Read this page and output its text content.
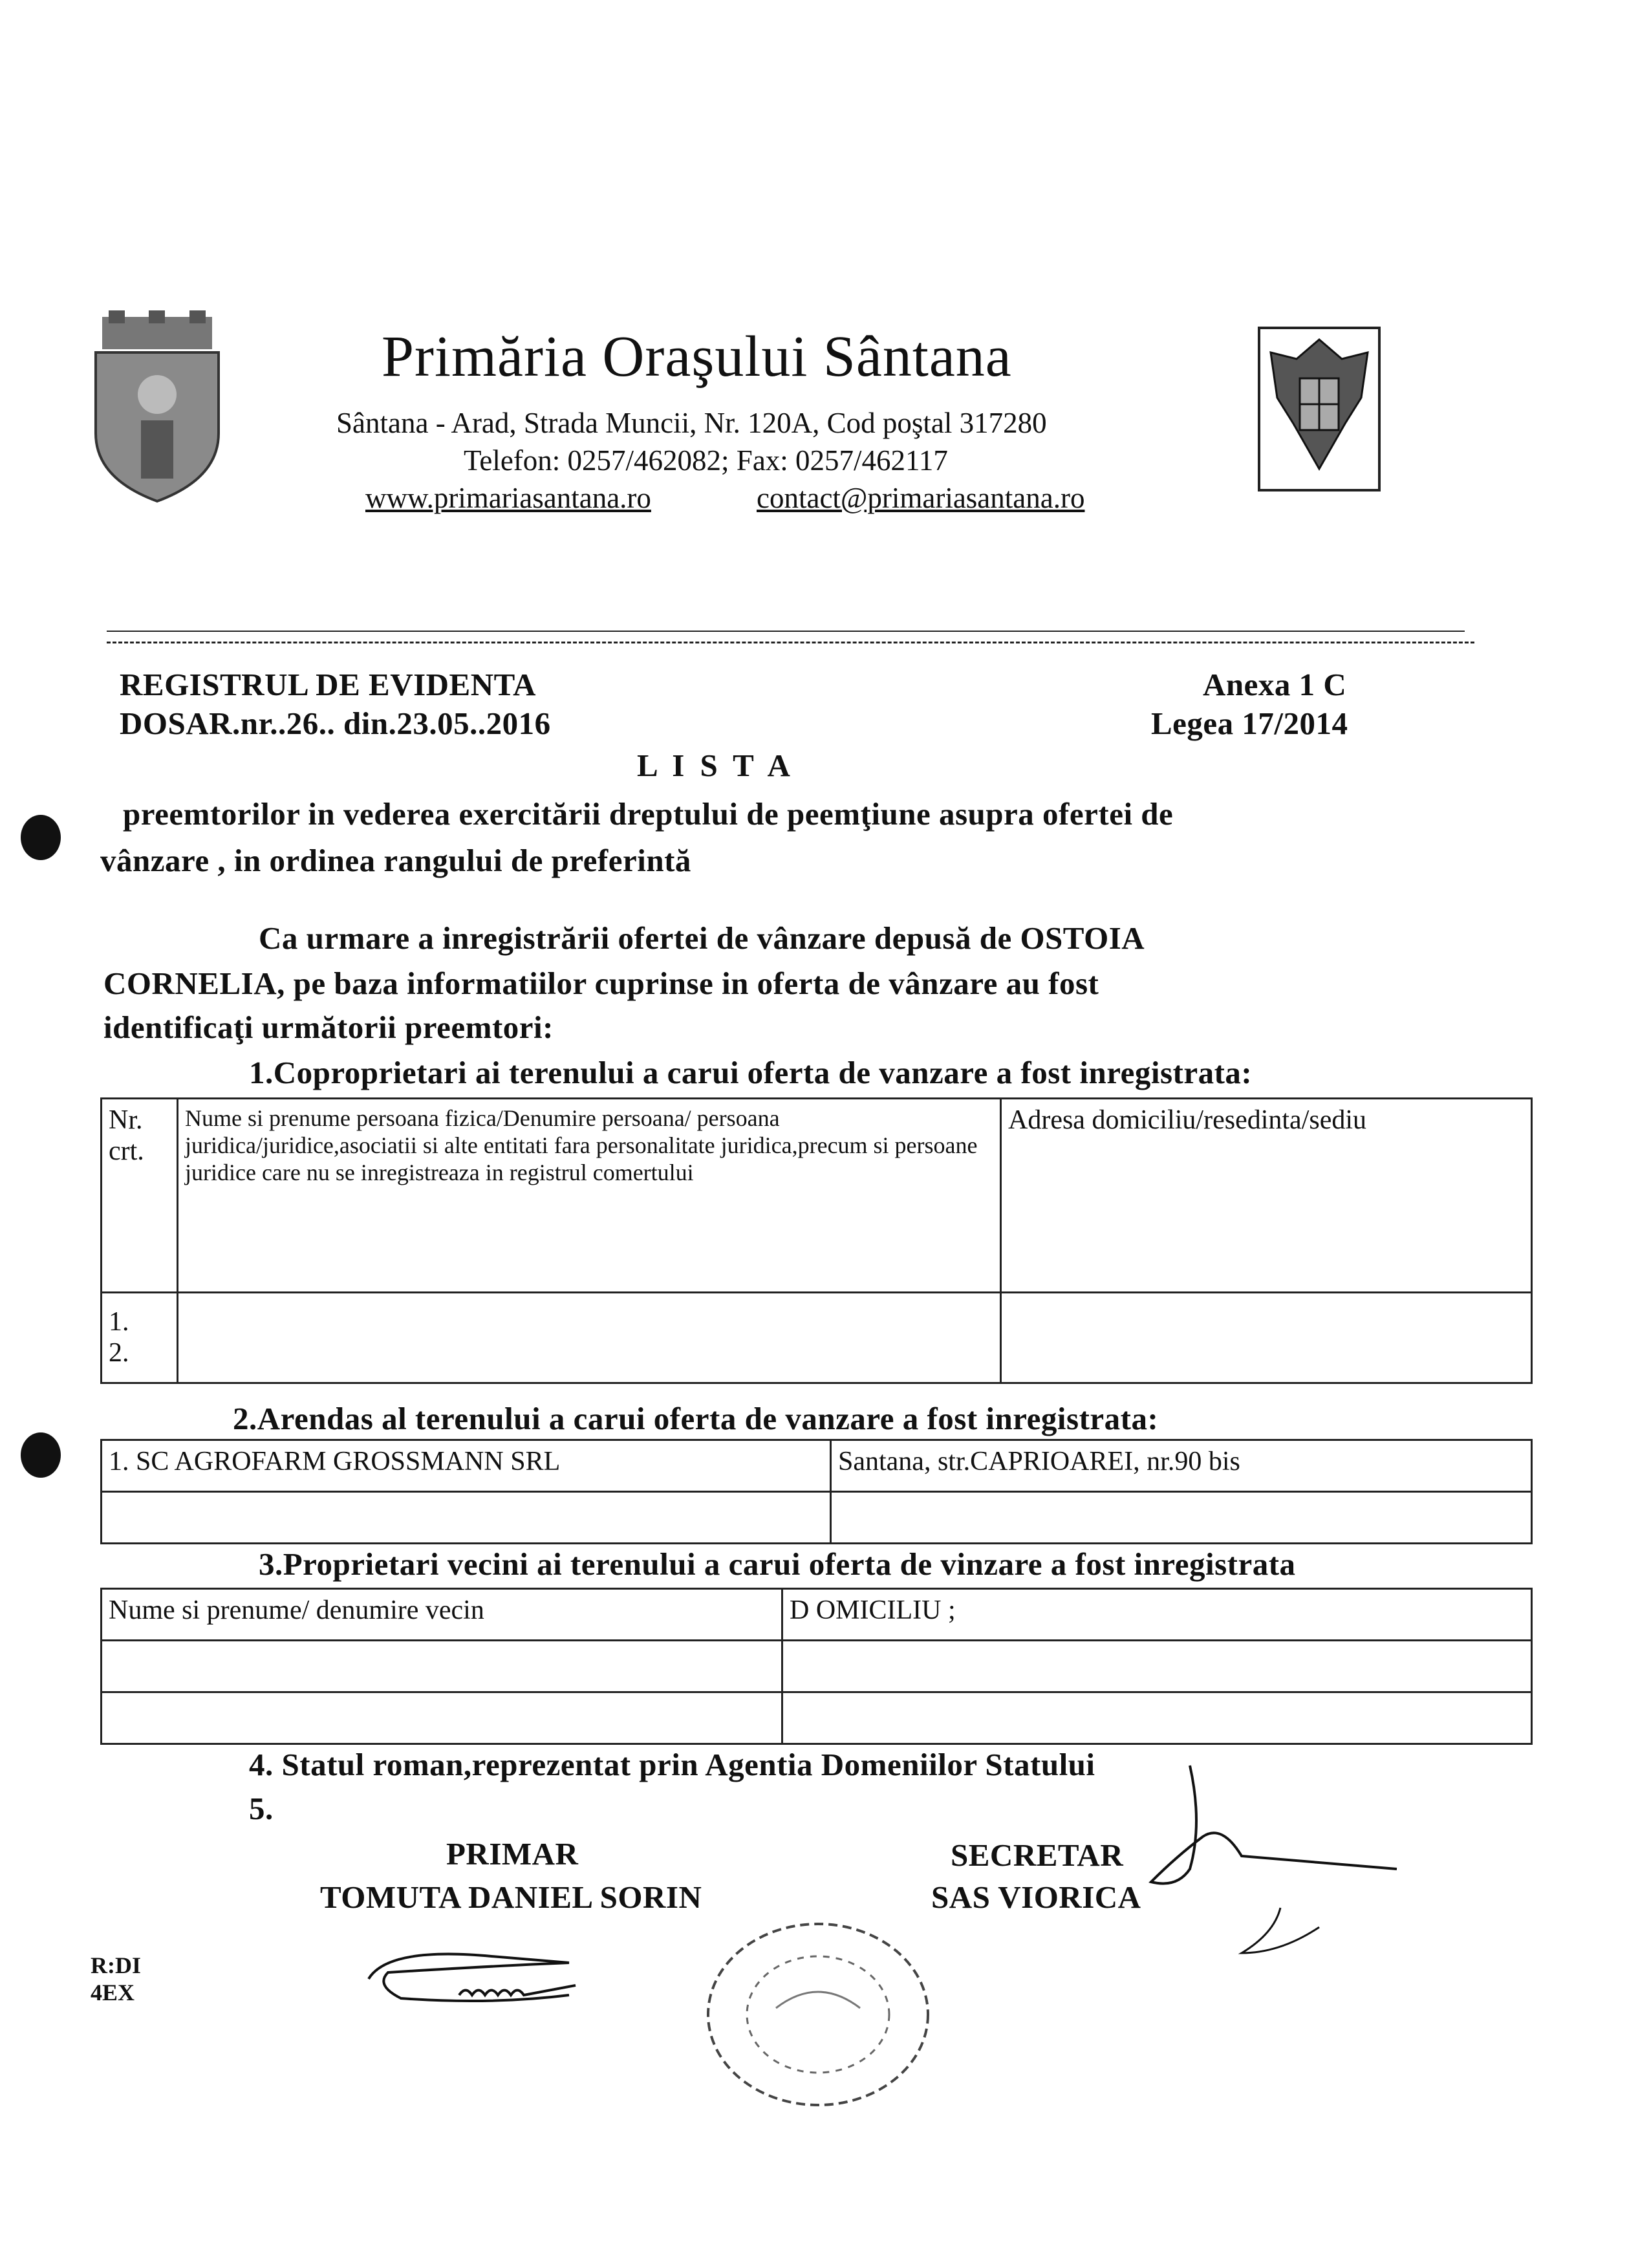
Primăria Oraşului Sântana
Sântana - Arad, Strada Muncii, Nr. 120A, Cod poştal 317280
Telefon: 0257/462082; Fax: 0257/462117
www.primariasantana.ro	contact@primariasantana.ro
REGISTRUL DE EVIDENTA	Anexa 1 C
DOSAR.nr..26.. din.23.05..2016	Legea 17/2014
L I S T A
preemtorilor in vederea exercitării dreptului de peemţiune asupra ofertei de
vânzare , in ordinea rangului de preferintă
Ca urmare a inregistrării ofertei de vânzare depusă de OSTOIA
CORNELIA, pe baza informatiilor cuprinse in oferta de vânzare au fost
identificaţi următorii preemtori:
1.Coproprietari ai terenului a carui oferta de vanzare a fost inregistrata:
Nr.
crt.	Nume si prenume persoana fizica/Denumire persoana/ persoana juridica/juridice,asociatii si alte entitati fara personalitate juridica,precum si persoane juridice care nu se inregistreaza in registrul comertului	Adresa domiciliu/resedinta/sediu

1.
2.		

2.Arendas al terenului a carui oferta de vanzare a fost inregistrata:
1. SC AGROFARM GROSSMANN SRL	Santana, str.CAPRIOAREI, nr.90 bis

3.Proprietari vecini ai terenului a carui oferta de vinzare a fost inregistrata
Nume si prenume/ denumire vecin	D OMICILIU ;

4. Statul roman,reprezentat prin Agentia Domeniilor Statului
5.
PRIMAR
TOMUTA DANIEL SORIN
SECRETAR
SAS VIORICA
R:DI
4EX
